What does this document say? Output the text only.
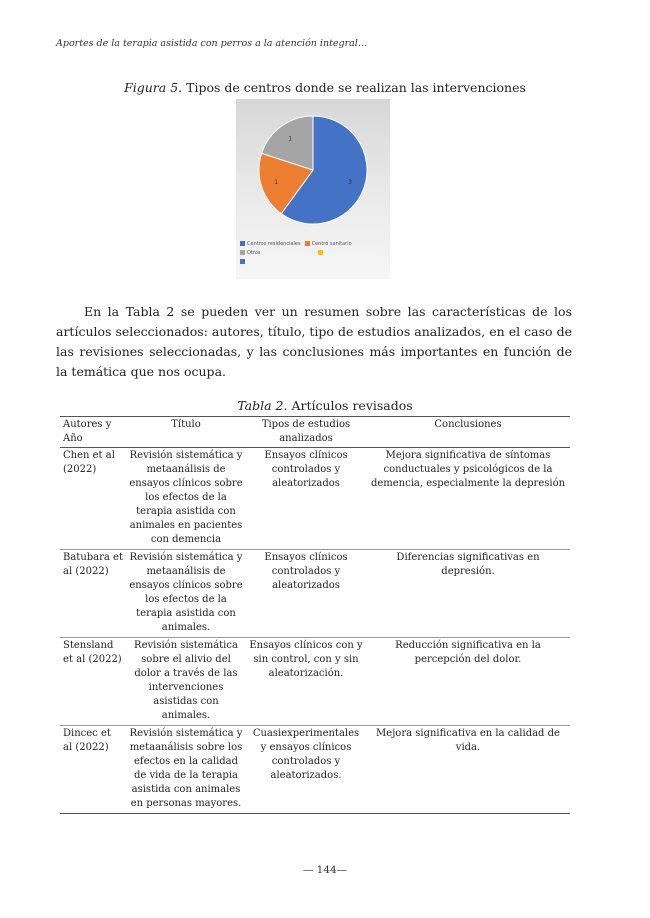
Aportes de la terapia asistida con perros a la atención integral…
Figura 5. Tipos de centros donde se realizan las intervenciones
3
1
1
Centros residenciales Centro sanitario
Otros

En la Tabla 2 se pueden ver un resumen sobre las características de los artículos seleccionados: autores, título, tipo de estudios analizados, en el caso de las revisiones seleccionadas, y las conclusiones más importantes en función de la temática que nos ocupa.

Tabla 2. Artículos revisados
Autores y Año	Título	Tipos de estudios analizados	Conclusiones
Chen et al (2022)	Revisión sistemática y metaanálisis de ensayos clínicos sobre los efectos de la terapia asistida con animales en pacientes con demencia	Ensayos clínicos controlados y aleatorizados	Mejora significativa de síntomas conductuales y psicológicos de la demencia, especialmente la depresión
Batubara et al (2022)	Revisión sistemática y metaanálisis de ensayos clínicos sobre los efectos de la terapia asistida con animales.	Ensayos clínicos controlados y aleatorizados	Diferencias significativas en depresión.
Stensland et al (2022)	Revisión sistemática sobre el alivio del dolor a través de las intervenciones asistidas con animales.	Ensayos clínicos con y sin control, con y sin aleatorización.	Reducción significativa en la percepción del dolor.
Dincec et al (2022)	Revisión sistemática y metaanálisis sobre los efectos en la calidad de vida de la terapia asistida con animales en personas mayores.	Cuasiexperimentales y ensayos clínicos controlados y aleatorizados.	Mejora significativa en la calidad de vida.
— 144—
